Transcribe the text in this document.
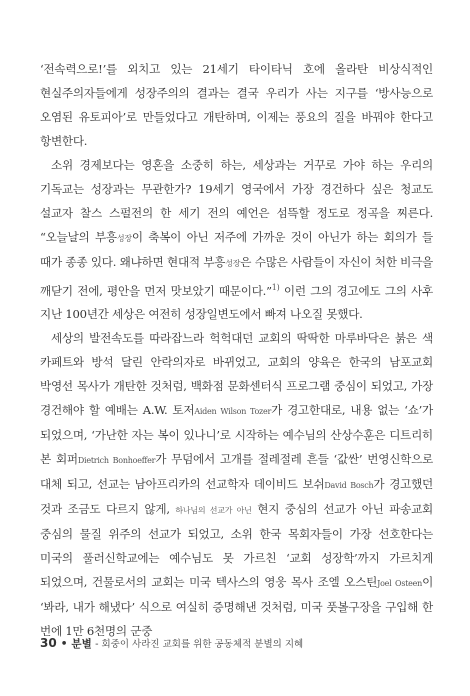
‘전속력으로!’를 외치고 있는 21세기 타이타닉 호에 올라탄 비상식적인 현실주의자들에게 성장주의의 결과는 결국 우리가 사는 지구를 ‘방사능으로 오염된 유토피아’로 만들었다고 개탄하며, 이제는 풍요의 질을 바꿔야 한다고 항변한다.

소위 경제보다는 영혼을 소중히 하는, 세상과는 거꾸로 가야 하는 우리의 기독교는 성장과는 무관한가? 19세기 영국에서 가장 경건하다 싶은 청교도 설교자 찰스 스펄전의 한 세기 전의 예언은 섬뜩할 정도로 정곡을 찌른다. “오늘날의 부흥성장이 축복이 아닌 저주에 가까운 것이 아닌가 하는 회의가 들 때가 종종 있다. 왜냐하면 현대적 부흥성장은 수많은 사람들이 자신이 처한 비극을 깨닫기 전에, 평안을 먼저 맛보았기 때문이다.”$^{1)}$ 이런 그의 경고에도 그의 사후 지난 100년간 세상은 여전히 성장일변도에서 빠져 나오질 못했다.

세상의 발전속도를 따라잡느라 헉헉대던 교회의 딱딱한 마루바닥은 붉은 색 카페트와 방석 달린 안락의자로 바뀌었고, 교회의 양육은 한국의 남포교회 박영선 목사가 개탄한 것처럼, 백화점 문화센터식 프로그램 중심이 되었고, 가장 경건해야 할 예배는 A.W. 토저Aiden Wilson Tozer가 경고한대로, 내용 없는 ‘쇼’가 되었으며, ‘가난한 자는 복이 있나니’로 시작하는 예수님의 산상수훈은 디트리히 본 회퍼Dietrich Bonhoeffer가 무덤에서 고개를 절레절레 흔들 ‘값싼’ 번영신학으로 대체 되고, 선교는 남아프리카의 선교학자 데이비드 보쉬David Bosch가 경고했던 것과 조금도 다르지 않게, 하나님의 선교가 아닌 현지 중심의 선교가 아닌 파송교회 중심의 물질 위주의 선교가 되었고, 소위 한국 목회자들이 가장 선호한다는 미국의 풀러신학교에는 예수님도 못 가르친 ‘교회 성장학’까지 가르치게 되었으며, 건물로서의 교회는 미국 텍사스의 영웅 목사 조엘 오스틴Joel Osteen이 ‘봐라, 내가 해냈다’ 식으로 여실히 증명해낸 것처럼, 미국 풋볼구장을 구입해 한 번에 1만 6천명의 군중

30 • 분별 - 회중이 사라진 교회를 위한 공동체적 분별의 지혜
